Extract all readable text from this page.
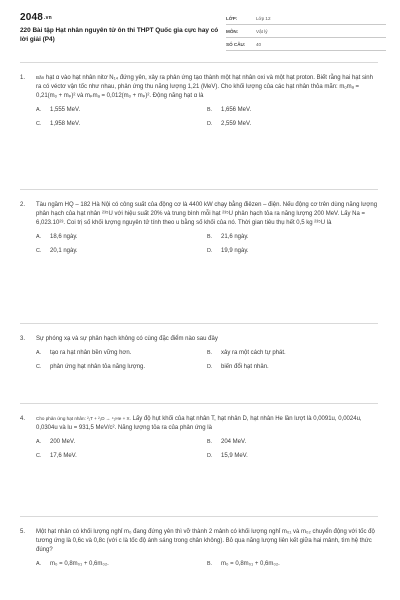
2048.vn
220 Bài tập Hạt nhân nguyên tử ôn thi THPT Quốc gia cực hay có lời giải (P4)
LỚP:	Lớp 12
MÔN:	Vật lý
SỐ CÂU:	40
1.	Bắn hạt α vào hạt nhân nitơ N₁₄ đứng yên, xảy ra phản ứng tạo thành một hạt nhân oxi và một hạt proton. Biết rằng hai hạt sinh ra có véctơ vận tốc như nhau, phản ứng thu năng lượng 1,21 (MeV). Cho khối lượng của các hạt nhân thỏa mãn: mₒmₐ = 0,21(mₒ + mₚ)² và mₚmₐ = 0,012(mₒ + mₚ)². Động năng hạt α là
A.	1,555 MeV.	B.	1,656 MeV.
C.	1,958 MeV.	D.	2,559 MeV.
2.	Tàu ngầm HQ – 182 Hà Nội có công suất của động cơ là 4400 kW chạy bằng điêzen – điện. Nếu động cơ trên dùng năng lượng phân hạch của hạt nhân ²³⁵U với hiệu suất 20% và trung bình mỗi hạt ²³⁵U phân hạch tỏa ra năng lượng 200 MeV. Lấy Na = 6,023.10²³. Coi trị số khối lượng nguyên tử tính theo u bằng số khối của nó. Thời gian tiêu thụ hết 0,5 kg ²³⁵U là
A.	18,6 ngày.	B.	21,6 ngày.
C.	20,1 ngày.	D.	19,9 ngày.
3.	Sự phóng xạ và sự phân hạch không có cùng đặc điểm nào sau đây
A.	tạo ra hạt nhân bền vững hơn.	B.	xảy ra một cách tự phát.
C.	phản ứng hạt nhân tỏa năng lượng.	D.	biến đổi hạt nhân.
4.	Cho phản ứng hạt nhân: ²₁T + ²₁D → ⁴₂He + X. Lấy độ hụt khối của hạt nhân T, hạt nhân D, hạt nhân He lần lượt là 0,0091u, 0,0024u, 0,0304u và lu = 931,5 MeV/c². Năng lượng tỏa ra của phản ứng là
A.	200 MeV.	B.	204 MeV.
C.	17,6 MeV.	D.	15,9 MeV.
5.	Một hạt nhân có khối lượng nghỉ m₀ đang đứng yên thì vỡ thành 2 mảnh có khối lượng nghỉ m₀₁ và m₀₂ chuyển động với tốc độ tương ứng là 0,6c và 0,8c (với c là tốc độ ánh sáng trong chân không). Bỏ qua năng lượng liên kết giữa hai mảnh, tìm hệ thức đúng?
A.	m₀ = 0,8m₀₁ + 0,6m₀₂.	B.	m₀ = 0,8m₀₁ + 0,6m₀₂.
